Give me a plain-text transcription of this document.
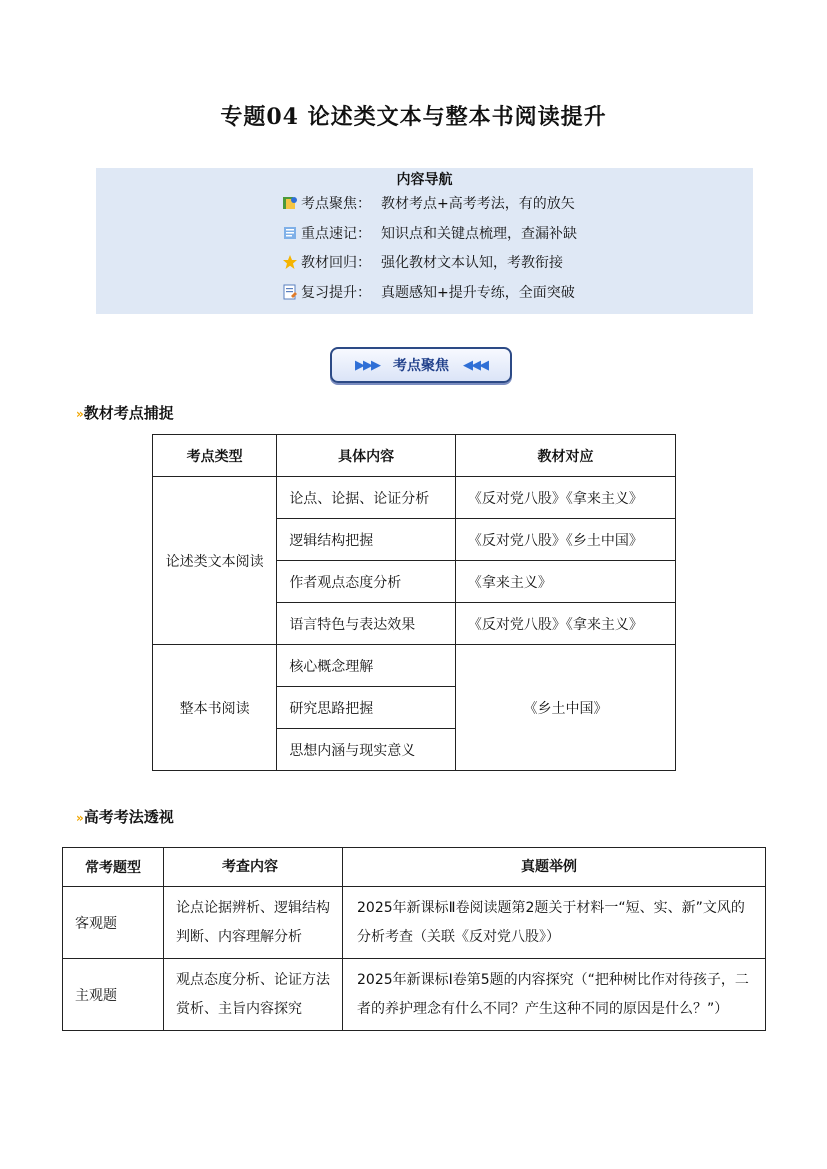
专题04 论述类文本与整本书阅读提升
内容导航
考点聚焦： 教材考点+高考考法，有的放矢
重点速记： 知识点和关键点梳理，查漏补缺
教材回归： 强化教材文本认知，考教衔接
复习提升： 真题感知+提升专练，全面突破
▶▶▶ 考点聚焦 ◀◀◀
» 教材考点捕捉
考点类型	具体内容	教材对应
论述类文本阅读	论点、论据、论证分析	《反对党八股》《拿来主义》
	逻辑结构把握	《反对党八股》《乡土中国》
	作者观点态度分析	《拿来主义》
	语言特色与表达效果	《反对党八股》《拿来主义》
整本书阅读	核心概念理解	《乡土中国》
	研究思路把握	
	思想内涵与现实意义	
» 高考考法透视
常考题型	考查内容	真题举例
客观题	论点论据辨析、逻辑结构判断、内容理解分析	2025年新课标Ⅱ卷阅读题第2题关于材料一“短、实、新”文风的分析考查（关联《反对党八股》）
主观题	观点态度分析、论证方法赏析、主旨内容探究	2025年新课标Ⅰ卷第5题的内容探究（“把种树比作对待孩子，二者的养护理念有什么不同？产生这种不同的原因是什么？”）
